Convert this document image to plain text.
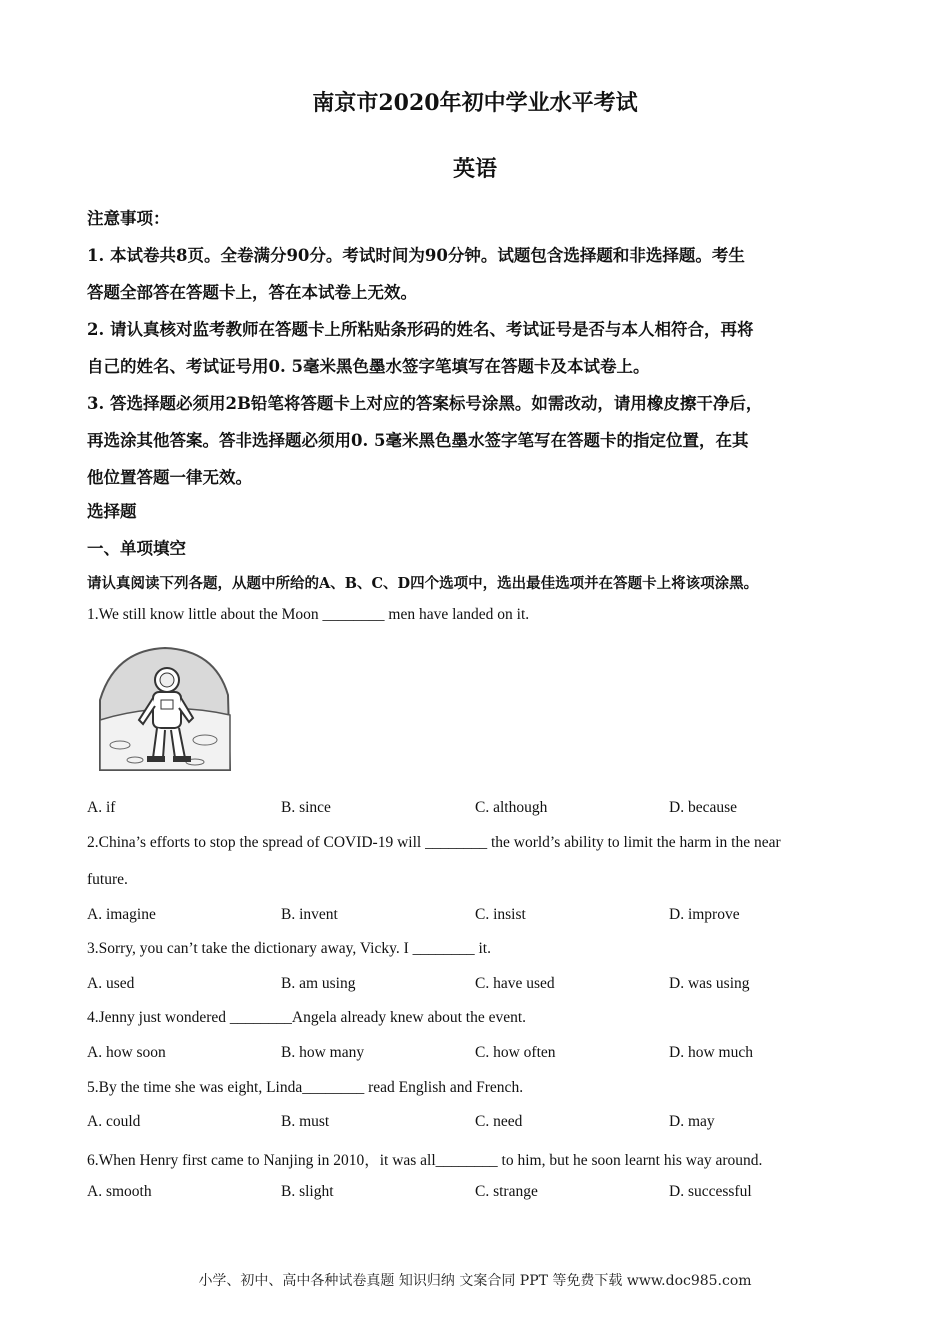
南京市2020年初中学业水平考试
英语

注意事项：

1. 本试卷共8页。全卷满分90分。考试时间为90分钟。试题包含选择题和非选择题。考生

答题全部答在答题卡上，答在本试卷上无效。

2. 请认真核对监考教师在答题卡上所粘贴条形码的姓名、考试证号是否与本人相符合，再将

自己的姓名、考试证号用0. 5毫米黑色墨水签字笔填写在答题卡及本试卷上。

3. 答选择题必须用2B铅笔将答题卡上对应的答案标号涂黑。如需改动，请用橡皮擦干净后，

再选涂其他答案。答非选择题必须用0. 5毫米黑色墨水签字笔写在答题卡的指定位置，在其

他位置答题一律无效。

选择题
一、单项填空
请认真阅读下列各题，从题中所给的A、B、C、D四个选项中，选出最佳选项并在答题卡上将该项涂黑。
1.We still know little about the Moon ________ men have landed on it.
A. if	B. since	C. although	D. because
2.China’s efforts to stop the spread of COVID-19 will ________ the world’s ability to limit the harm in the near
future.
A. imagine	B. invent	C. insist	D. improve
3.Sorry, you can’t take the dictionary away, Vicky. I ________ it.
A. used	B. am using	C. have used	D. was using
4.Jenny just wondered ________Angela already knew about the event.
A. how soon	B. how many	C. how often	D. how much
5.By the time she was eight, Linda________ read English and French.
A. could	B. must	C. need	D. may
6.When Henry first came to Nanjing in 2010，it was all________ to him, but he soon learnt his way around.
A. smooth	B. slight	C. strange	D. successful
小学、初中、高中各种试卷真题 知识归纳 文案合同 PPT 等免费下载 www.doc985.com
